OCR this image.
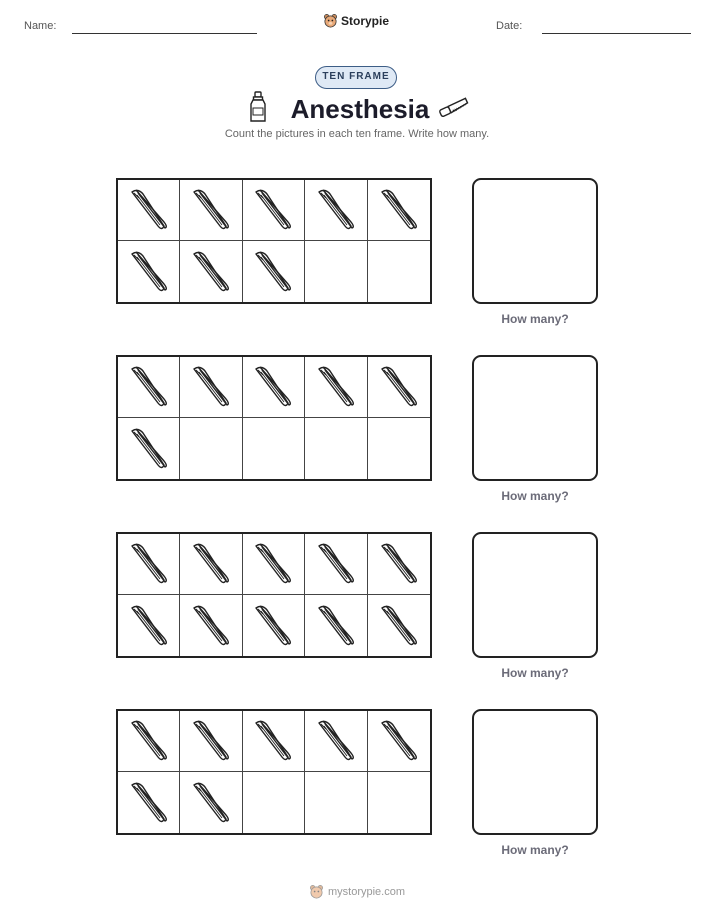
Name:	Storypie	Date:
TEN FRAME
Anesthesia
Count the pictures in each ten frame. Write how many.
How many?
How many?
How many?
How many?
mystorypie.com
